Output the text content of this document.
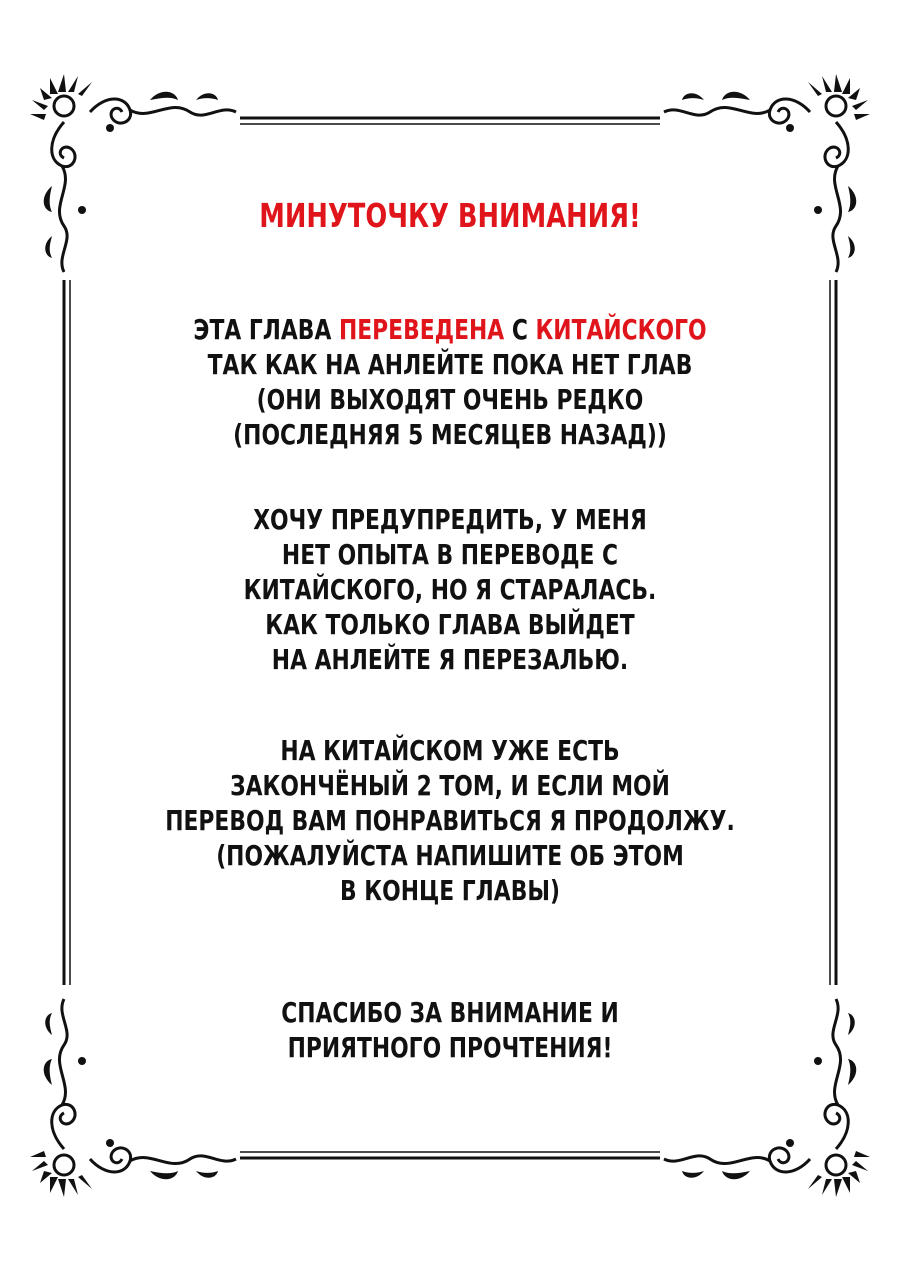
МИНУТОЧКУ ВНИМАНИЯ!
ЭТА ГЛАВА ПЕРЕВЕДЕНА С КИТАЙСКОГО
ТАК КАК НА АНЛЕЙТЕ ПОКА НЕТ ГЛАВ
(ОНИ ВЫХОДЯТ ОЧЕНЬ РЕДКО
(ПОСЛЕДНЯЯ 5 МЕСЯЦЕВ НАЗАД))
ХОЧУ ПРЕДУПРЕДИТЬ, У МЕНЯ
НЕТ ОПЫТА В ПЕРЕВОДЕ С
КИТАЙСКОГО, НО Я СТАРАЛАСЬ.
КАК ТОЛЬКО ГЛАВА ВЫЙДЕТ
НА АНЛЕЙТЕ Я ПЕРЕЗАЛЬЮ.
НА КИТАЙСКОМ УЖЕ ЕСТЬ
ЗАКОНЧЁНЫЙ 2 ТОМ, И ЕСЛИ МОЙ
ПЕРЕВОД ВАМ ПОНРАВИТЬСЯ Я ПРОДОЛЖУ.
(ПОЖАЛУЙСТА НАПИШИТЕ ОБ ЭТОМ
В КОНЦЕ ГЛАВЫ)
СПАСИБО ЗА ВНИМАНИЕ И
ПРИЯТНОГО ПРОЧТЕНИЯ!
